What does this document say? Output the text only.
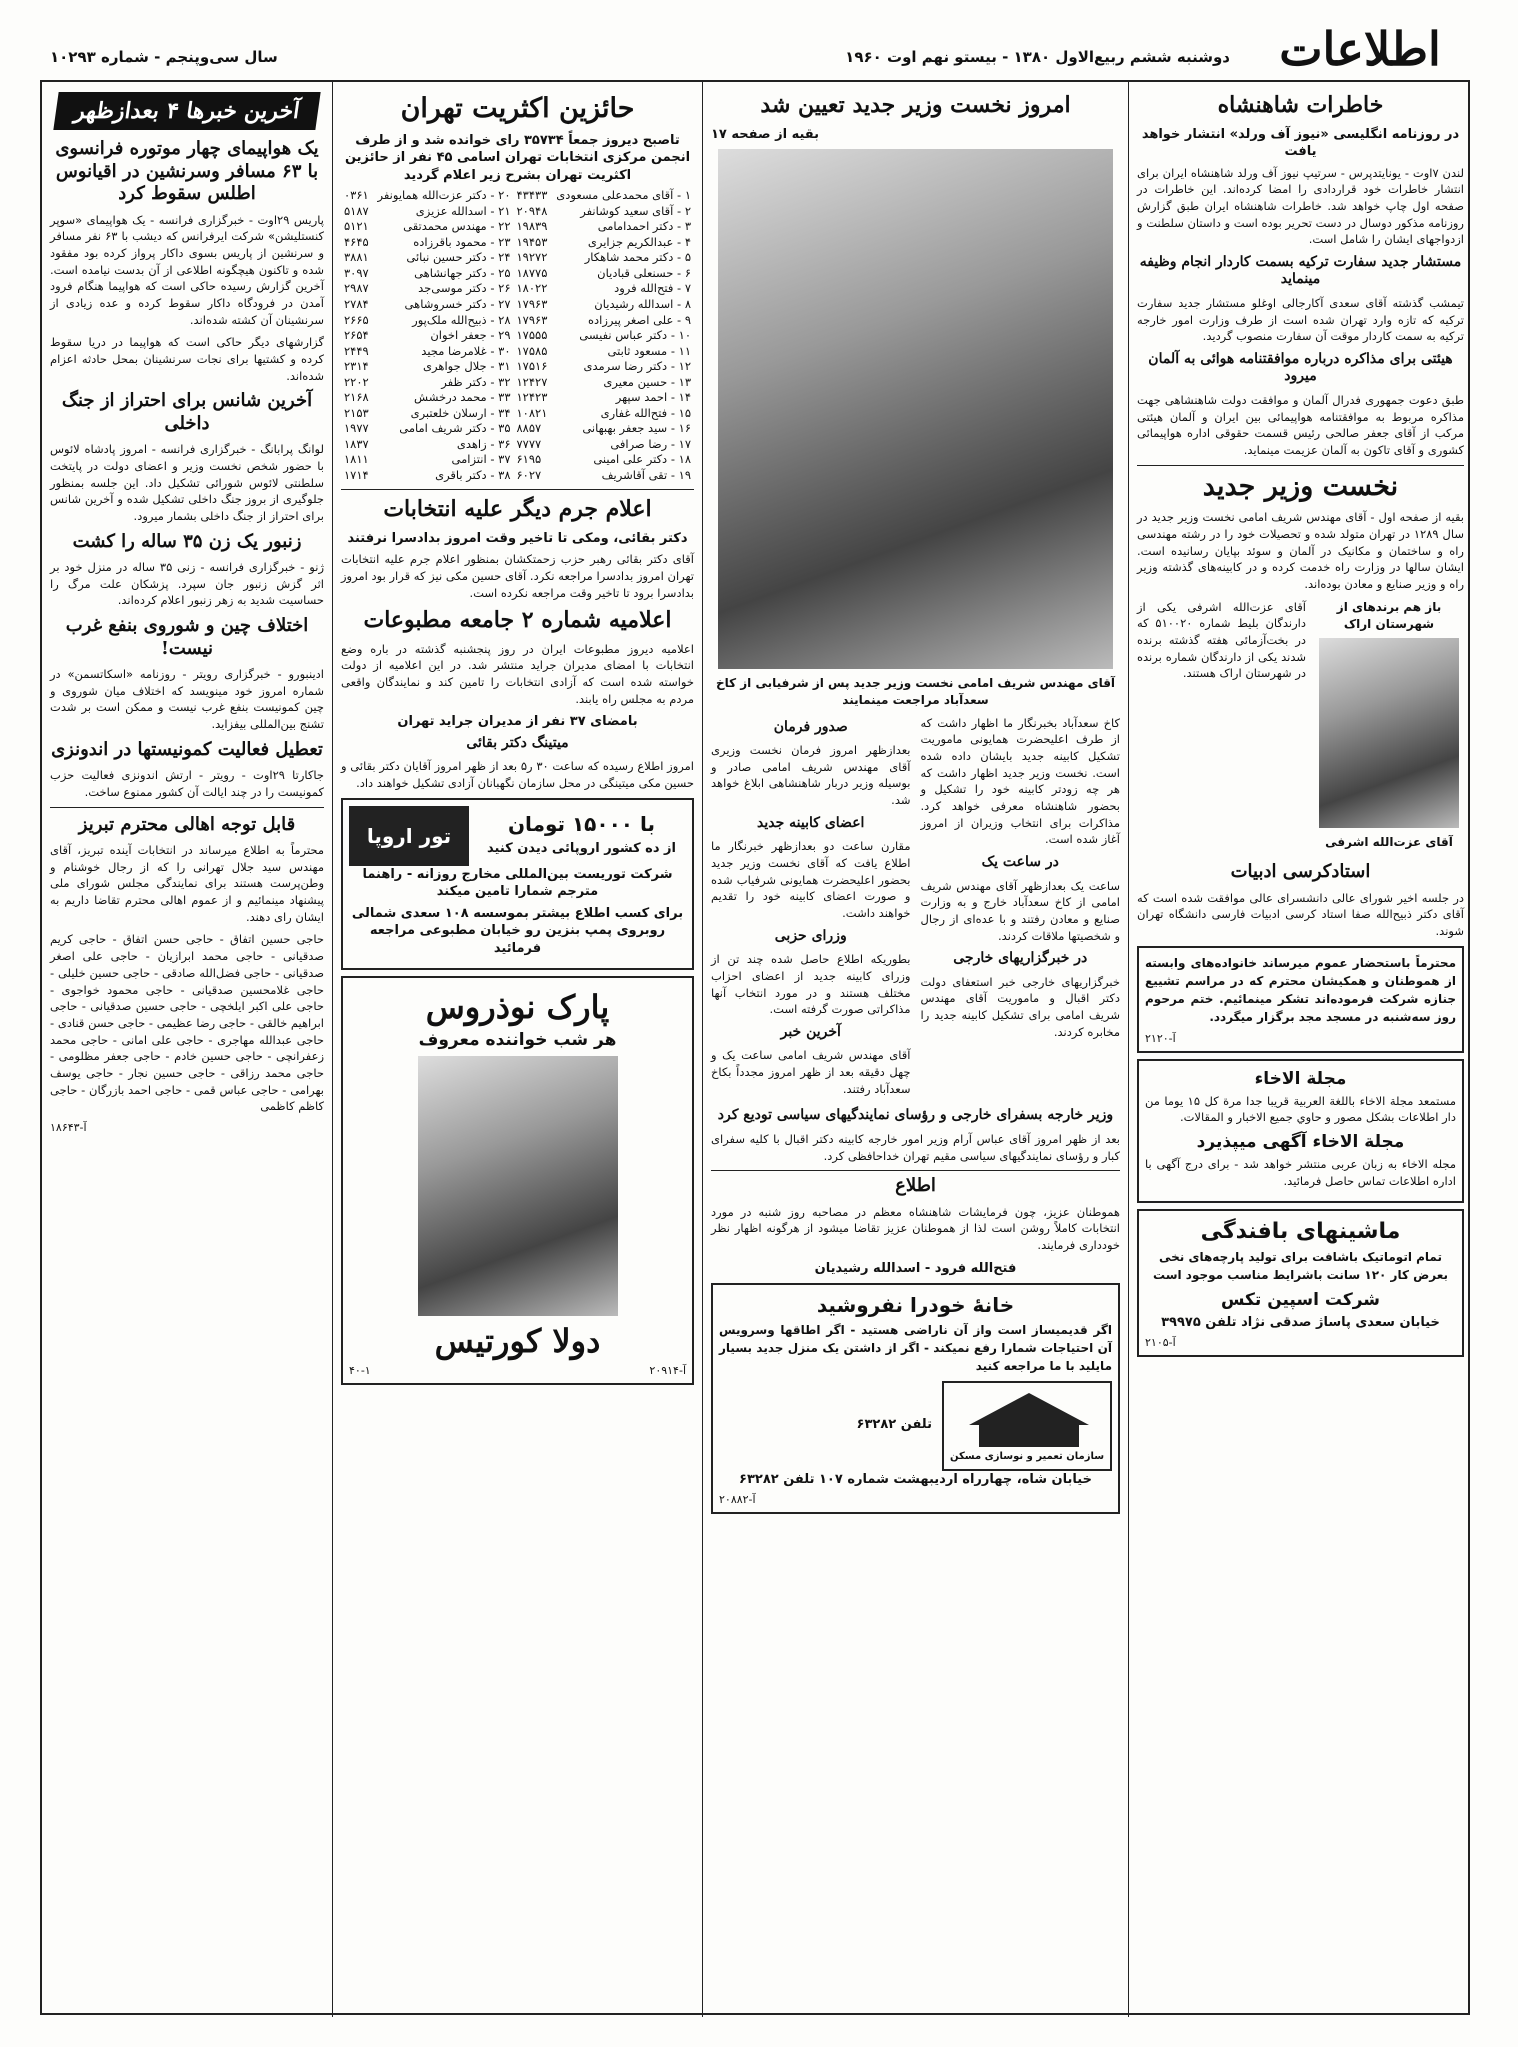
اطلاعات
دوشنبه ششم ربیع‌الاول ۱۳۸۰ - بیستو نهم اوت ۱۹۶۰
سال سی‌وپنجم - شماره ۱۰۲۹۳
خاطرات شاهنشاه
در روزنامه انگلیسی «نیوز آف ورلد» انتشار خواهد یافت
لندن ۷اوت - یونایتدپرس - سرتیپ نیوز آف ورلد شاهنشاه ایران برای انتشار خاطرات خود قراردادی را امضا کرده‌اند. این خاطرات در صفحه اول چاپ خواهد شد. خاطرات شاهنشاه ایران طبق گزارش روزنامه مذکور دوسال در دست تحریر بوده است و داستان سلطنت و ازدواجهای ایشان را شامل است.
مستشار جدید سفارت ترکیه بسمت کاردار انجام وظیفه مینماید
تیمشب گذشته آقای سعدی آکارجالی اوغلو مستشار جدید سفارت ترکیه که تازه وارد تهران شده است از طرف وزارت امور خارجه ترکیه به سمت کاردار موقت آن سفارت منصوب گردید.
هیئتی برای مذاکره درباره موافقتنامه هوائی به آلمان میرود
طبق دعوت جمهوری فدرال آلمان و موافقت دولت شاهنشاهی جهت مذاکره مربوط به موافقتنامه هواپیمائی بین ایران و آلمان هیئتی مرکب از آقای جعفر صالحی رئیس قسمت حقوقی اداره هواپیمائی کشوری و آقای تاکون به آلمان عزیمت مینماید.
نخست وزیر جدید
بقیه از صفحه اول - آقای مهندس شریف امامی نخست وزیر جدید در سال ۱۲۸۹ در تهران متولد شده و تحصیلات خود را در رشته مهندسی راه و ساختمان و مکانیک در آلمان و سوئد بپایان رسانیده است. ایشان سالها در وزارت راه خدمت کرده و در کابینه‌های گذشته وزیر راه و وزیر صنایع و معادن بوده‌اند.
باز هم برندهای از شهرستان اراک
آقای عزت‌الله اشرفی
آقای عزت‌الله اشرفی یکی از دارندگان بلیط شماره ۵۱۰۰۲۰ که در بخت‌آزمائی هفته گذشته برنده شدند یکی از دارندگان شماره برنده در شهرستان اراک هستند.
استادکرسی ادبیات
در جلسه اخیر شورای عالی دانشسرای عالی موافقت شده است که آقای دکتر ذبیح‌الله صفا استاد کرسی ادبیات فارسی دانشگاه تهران شوند.
محترماً باستحضار عموم میرساند خانواده‌های وابسته از هموطنان و همکیشان محترم که در مراسم تشییع جنازه شرکت فرموده‌اند تشکر مینمائیم. ختم مرحوم روز سه‌شنبه در مسجد مجد برگزار میگردد.
آ-۲۱۲۰
مجلة الاخاء
مستمعد مجلة الاخاء باللغة العربية قريبا جدا مرة كل ۱۵ يوما من دار اطلاعات بشكل مصور و حاوي جميع الاخبار و المقالات.
مجلة الاخاء آگهی میپذیرد
مجله الاخاء به زبان عربی منتشر خواهد شد - برای درج آگهی با اداره اطلاعات تماس حاصل فرمائید.
ماشینهای بافندگی
تمام اتوماتیک باشافت برای تولید پارچه‌های نخی بعرض کار ۱۲۰ سانت باشرایط مناسب موجود است
شرکت اسپین تکس
خیابان سعدی پاساژ صدقی نژاد تلفن ۳۹۹۷۵
آ-۲۱۰۵
امروز نخست وزیر جدید تعیین شد
بقیه از صفحه ۱۷
آقای مهندس شریف امامی نخست وزیر جدید پس از شرفیابی از کاخ سعدآباد مراجعت مینمایند
کاخ سعدآباد بخبرنگار ما اظهار داشت که از طرف اعلیحضرت همایونی ماموریت تشکیل کابینه جدید بایشان داده شده است. نخست وزیر جدید اظهار داشت که هر چه زودتر کابینه خود را تشکیل و بحضور شاهنشاه معرفی خواهد کرد. مذاکرات برای انتخاب وزیران از امروز آغاز شده است.
در ساعت یک
ساعت یک بعدازظهر آقای مهندس شریف امامی از کاخ سعدآباد خارج و به وزارت صنایع و معادن رفتند و با عده‌ای از رجال و شخصیتها ملاقات کردند.
در خبرگزاریهای خارجی
خبرگزاریهای خارجی خبر استعفای دولت دکتر اقبال و ماموریت آقای مهندس شریف امامی برای تشکیل کابینه جدید را مخابره کردند.
صدور فرمان
بعدازظهر امروز فرمان نخست وزیری آقای مهندس شریف امامی صادر و بوسیله وزیر دربار شاهنشاهی ابلاغ خواهد شد.
اعضای کابینه جدید
مقارن ساعت دو بعدازظهر خبرنگار ما اطلاع یافت که آقای نخست وزیر جدید بحضور اعلیحضرت همایونی شرفیاب شده و صورت اعضای کابینه خود را تقدیم خواهند داشت.
وزرای حزبی
بطوریکه اطلاع حاصل شده چند تن از وزرای کابینه جدید از اعضای احزاب مختلف هستند و در مورد انتخاب آنها مذاکراتی صورت گرفته است.
آخرین خبر
آقای مهندس شریف امامی ساعت یک و چهل دقیقه بعد از ظهر امروز مجدداً بکاخ سعدآباد رفتند.
وزیر خارجه بسفرای خارجی و رؤسای نمایندگیهای سیاسی تودیع کرد
بعد از ظهر امروز آقای عباس آرام وزیر امور خارجه کابینه دکتر اقبال با کلیه سفرای کبار و رؤسای نمایندگیهای سیاسی مقیم تهران خداحافظی کرد.
اطلاع
هموطنان عزیز، چون فرمایشات شاهنشاه معظم در مصاحبه روز شنبه در مورد انتخابات کاملاً روشن است لذا از هموطنان عزیز تقاضا میشود از هرگونه اظهار نظر خودداری فرمایند.
فتح‌الله فرود - اسدالله رشیدیان
خانهٔ خودرا نفروشید
اگر قدیمیساز است واز آن ناراضی هستید - اگر اطاقها وسرویس آن احتیاجات شمارا رفع نمیکند - اگر از داشتن یک منزل جدید بسیار مایلید با ما مراجعه کنید
سازمان تعمیر و نوسازی مسکن
تلفن ۶۳۲۸۲
خیابان شاه، چهارراه اردیبهشت شماره ۱۰۷ تلفن ۶۳۲۸۲
آ-۲۰۸۸۲
حائزین اکثریت تهران
تاصبح دیروز جمعاً ۳۵۷۳۴ رای خوانده شد و از طرف انجمن مرکزی انتخابات تهران اسامی ۴۵ نفر از حائزین اکثریت تهران بشرح زیر اعلام گردید
۱ - آقای محمدعلی مسعودی	۴۳۴۳۳	۲۰ - دکتر عزت‌الله همایونفر	۰۳۶۱
۲ - آقای سعید کوشانفر	۲۰۹۴۸	۲۱ - اسدالله عزیزی	۵۱۸۷
۳ - دکتر احمدامامی	۱۹۸۳۹	۲۲ - مهندس محمدتقی	۵۱۲۱
۴ - عبدالکریم جزایری	۱۹۴۵۳	۲۳ - محمود باقرزاده	۴۶۴۵
۵ - دکتر محمد شاهکار	۱۹۲۷۲	۲۴ - دکتر حسین نبائی	۳۸۸۱
۶ - حسنعلی قبادیان	۱۸۷۷۵	۲۵ - دکتر جهانشاهی	۳۰۹۷
۷ - فتح‌الله فرود	۱۸۰۲۲	۲۶ - دکتر موسی‌جد	۲۹۸۷
۸ - اسدالله رشیدیان	۱۷۹۶۳	۲۷ - دکتر خسروشاهی	۲۷۸۴
۹ - علی اصغر پیرزاده	۱۷۹۶۳	۲۸ - ذبیح‌الله ملک‌پور	۲۶۶۵
۱۰ - دکتر عباس نفیسی	۱۷۵۵۵	۲۹ - جعفر اخوان	۲۶۵۴
۱۱ - مسعود ثابتی	۱۷۵۸۵	۳۰ - غلامرضا مجید	۲۴۴۹
۱۲ - دکتر رضا سرمدی	۱۷۵۱۶	۳۱ - جلال جواهری	۲۳۱۴
۱۳ - حسین معیری	۱۲۴۲۷	۳۲ - دکتر ظفر	۲۲۰۲
۱۴ - احمد سپهر	۱۲۴۲۳	۳۳ - محمد درخشش	۲۱۶۸
۱۵ - فتح‌الله غفاری	۱۰۸۲۱	۳۴ - ارسلان خلعتبری	۲۱۵۳
۱۶ - سید جعفر بهبهانی	۸۸۵۷	۳۵ - دکتر شریف امامی	۱۹۷۷
۱۷ - رضا صرافی	۷۷۷۷	۳۶ - زاهدی	۱۸۳۷
۱۸ - دکتر علی امینی	۶۱۹۵	۳۷ - انتزامی	۱۸۱۱
۱۹ - تقی آقاشریف	۶۰۲۷	۳۸ - دکتر باقری	۱۷۱۴
اعلام جرم دیگر علیه انتخابات
دکتر بقائی، ومکی تا تاخیر وقت امروز بدادسرا نرفتند
آقای دکتر بقائی رهبر حزب زحمتکشان بمنظور اعلام جرم علیه انتخابات تهران امروز بدادسرا مراجعه نکرد. آقای حسین مکی نیز که قرار بود امروز بدادسرا برود تا تاخیر وقت مراجعه نکرده است.
اعلامیه شماره ۲ جامعه مطبوعات
اعلامیه دیروز مطبوعات ایران در روز پنجشنبه گذشته در باره وضع انتخابات با امضای مدیران جراید منتشر شد. در این اعلامیه از دولت خواسته شده است که آزادی انتخابات را تامین کند و نمایندگان واقعی مردم به مجلس راه یابند.
بامضای ۳۷ نفر از مدیران جراید تهران
میتینگ دکتر بقائی
امروز اطلاع رسیده که ساعت ۳۰ ر۵ بعد از ظهر امروز آقایان دکتر بقائی و حسین مکی میتینگی در محل سازمان نگهبانان آزادی تشکیل خواهند داد.
با ۱۵۰۰۰ تومان
از ده کشور اروپائی دیدن کنید
تور اروپا
شرکت توریست بین‌المللی مخارج روزانه - راهنما مترجم شمارا تامین میکند
برای کسب اطلاع بیشتر بموسسه ۱۰۸ سعدی شمالی روبروی پمپ بنزین رو خیابان مطبوعی مراجعه فرمائید
پارک نوذروس
هر شب خواننده معروف
دولا کورتیس
آ-۲۰۹۱۴
۴۰-۱
آخرین خبرها ۴ بعدازظهر
یک هواپیمای چهار موتوره فرانسوی با ۶۳ مسافر وسرنشین در اقیانوس اطلس سقوط کرد
پاریس ۲۹اوت - خبرگزاری فرانسه - یک هواپیمای «سوپر کنستلیشن» شرکت ایرفرانس که دیشب با ۶۳ نفر مسافر و سرنشین از پاریس بسوی داکار پرواز کرده بود مفقود شده و تاکنون هیچگونه اطلاعی از آن بدست نیامده است. آخرین گزارش رسیده حاکی است که هواپیما هنگام فرود آمدن در فرودگاه داکار سقوط کرده و عده زیادی از سرنشینان آن کشته شده‌اند.
گزارشهای دیگر حاکی است که هواپیما در دریا سقوط کرده و کشتیها برای نجات سرنشینان بمحل حادثه اعزام شده‌اند.
آخرین شانس برای احتراز از جنگ داخلی
لوانگ پرابانگ - خبرگزاری فرانسه - امروز پادشاه لائوس با حضور شخص نخست وزیر و اعضای دولت در پایتخت سلطنتی لائوس شورائی تشکیل داد. این جلسه بمنظور جلوگیری از بروز جنگ داخلی تشکیل شده و آخرین شانس برای احتراز از جنگ داخلی بشمار میرود.
زنبور یک زن ۳۵ ساله را کشت
ژنو - خبرگزاری فرانسه - زنی ۳۵ ساله در منزل خود بر اثر گزش زنبور جان سپرد. پزشکان علت مرگ را حساسیت شدید به زهر زنبور اعلام کرده‌اند.
اختلاف چین و شوروی بنفع غرب نیست!
ادینبورو - خبرگزاری رویتر - روزنامه «اسکاتسمن» در شماره امروز خود مینویسد که اختلاف میان شوروی و چین کمونیست بنفع غرب نیست و ممکن است بر شدت تشنج بین‌المللی بیفزاید.
تعطیل فعالیت کمونیستها در اندونزی
جاکارتا ۲۹اوت - رویتر - ارتش اندونزی فعالیت حزب کمونیست را در چند ایالت آن کشور ممنوع ساخت.
قابل توجه اهالی محترم تبریز
محترماً به اطلاع میرساند در انتخابات آینده تبریز، آقای مهندس سید جلال تهرانی را که از رجال خوشنام و وطن‌پرست هستند برای نمایندگی مجلس شورای ملی پیشنهاد مینمائیم و از عموم اهالی محترم تقاضا داریم به ایشان رای دهند.
حاجی حسین اتفاق - حاجی حسن اتفاق - حاجی کریم صدقیانی - حاجی محمد ابرازیان - حاجی علی اصغر صدقیانی - حاجی فضل‌الله صادقی - حاجی حسین خلیلی - حاجی غلامحسین صدقیانی - حاجی محمود خواجوی - حاجی علی اکبر ایلخچی - حاجی حسین صدقیانی - حاجی ابراهیم خالقی - حاجی رضا عظیمی - حاجی حسن قنادی - حاجی عبدالله مهاجری - حاجی علی امانی - حاجی محمد زعفرانچی - حاجی حسین خادم - حاجی جعفر مظلومی - حاجی محمد رزاقی - حاجی حسین نجار - حاجی یوسف بهرامی - حاجی عباس قمی - حاجی احمد بازرگان - حاجی کاظم کاظمی
آ-۱۸۶۴۳
